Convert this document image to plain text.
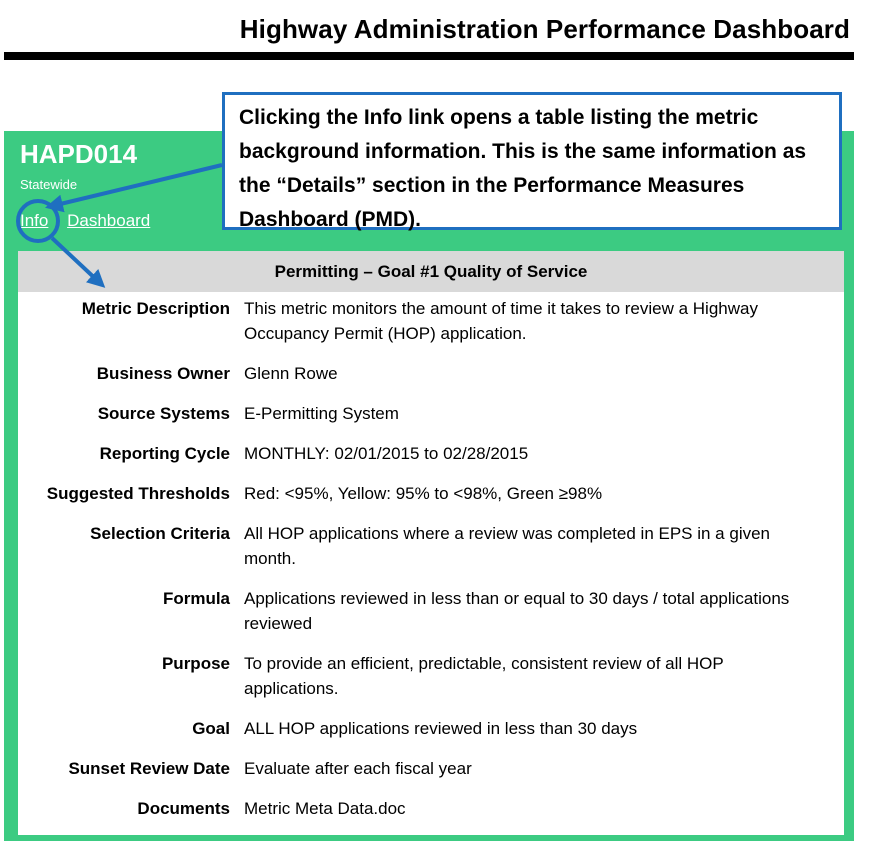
Highway Administration Performance Dashboard
HAPD014
Statewide
Info Dashboard
Permitting – Goal #1 Quality of Service
Metric Description This metric monitors the amount of time it takes to review a Highway Occupancy Permit (HOP) application.
Business Owner Glenn Rowe
Source Systems E-Permitting System
Reporting Cycle MONTHLY: 02/01/2015 to 02/28/2015
Suggested Thresholds Red: <95%, Yellow: 95% to <98%, Green ≥98%
Selection Criteria All HOP applications where a review was completed in EPS in a given month.
Formula Applications reviewed in less than or equal to 30 days / total applications reviewed
Purpose To provide an efficient, predictable, consistent review of all HOP applications.
Goal ALL HOP applications reviewed in less than 30 days
Sunset Review Date Evaluate after each fiscal year
Documents Metric Meta Data.doc
Clicking the Info link opens a table listing the metric background information. This is the same information as the “Details” section in the Performance Measures Dashboard (PMD).
